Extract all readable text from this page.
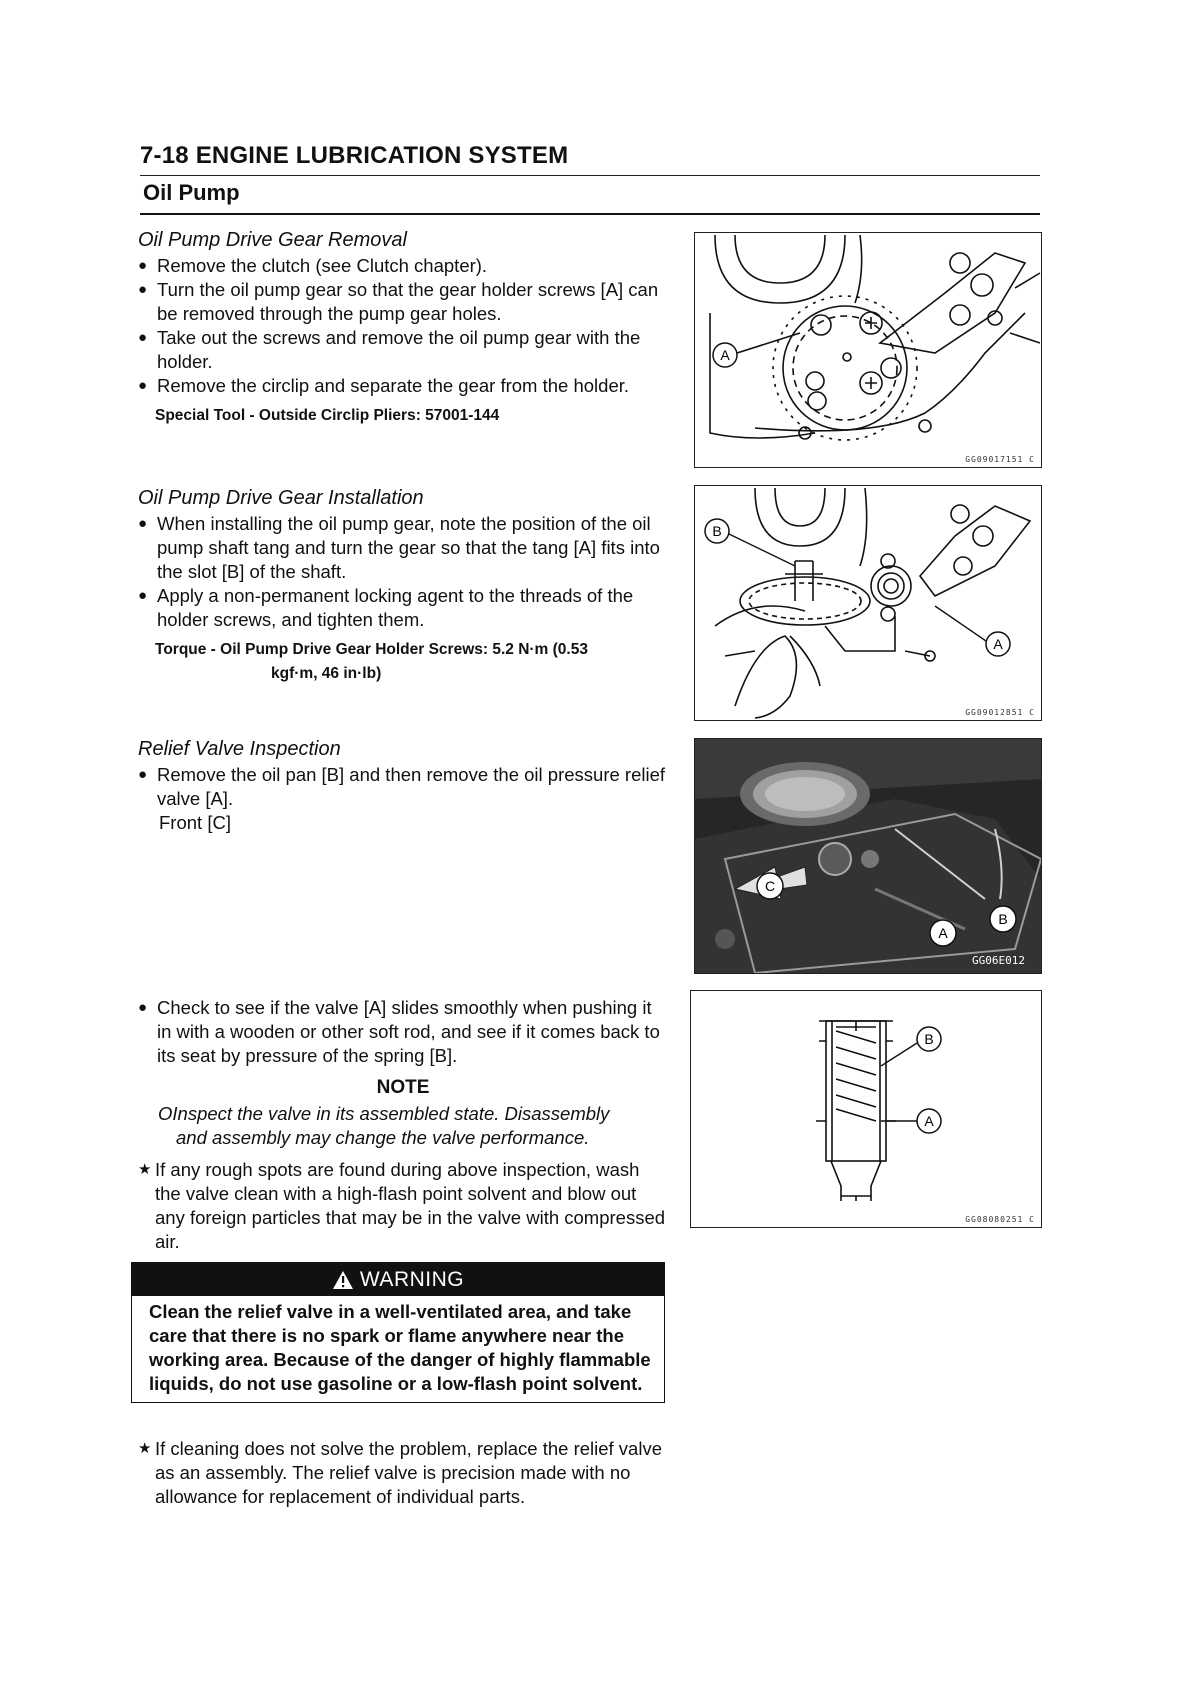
7-18 ENGINE LUBRICATION SYSTEM
Oil Pump
Oil Pump Drive Gear Removal
● Remove the clutch (see Clutch chapter).
● Turn the oil pump gear so that the gear holder screws [A] can be removed through the pump gear holes.
● Take out the screws and remove the oil pump gear with the holder.
● Remove the circlip and separate the gear from the holder.
Special Tool - Outside Circlip Pliers: 57001-144
Oil Pump Drive Gear Installation
● When installing the oil pump gear, note the position of the oil pump shaft tang and turn the gear so that the tang [A] fits into the slot [B] of the shaft.
● Apply a non-permanent locking agent to the threads of the holder screws, and tighten them.
Torque - Oil Pump Drive Gear Holder Screws: 5.2 N·m (0.53
kgf·m, 46 in·lb)
Relief Valve Inspection
● Remove the oil pan [B] and then remove the oil pressure relief valve [A].
Front [C]
● Check to see if the valve [A] slides smoothly when pushing it in with a wooden or other soft rod, and see if it comes back to its seat by pressure of the spring [B].
NOTE
OInspect the valve in its assembled state. Disassembly
and assembly may change the valve performance.
★ If any rough spots are found during above inspection, wash the valve clean with a high-flash point solvent and blow out any foreign particles that may be in the valve with compressed air.
WARNING
Clean the relief valve in a well-ventilated area, and take care that there is no spark or flame anywhere near the working area. Because of the danger of highly flammable liquids, do not use gasoline or a low-flash point solvent.
★ If cleaning does not solve the problem, replace the relief valve as an assembly. The relief valve is precision made with no allowance for replacement of individual parts.
A
GG09017151 C
B
A
GG09012851 C
C
A
B
GG06E012
B
A
GG08080251 C
